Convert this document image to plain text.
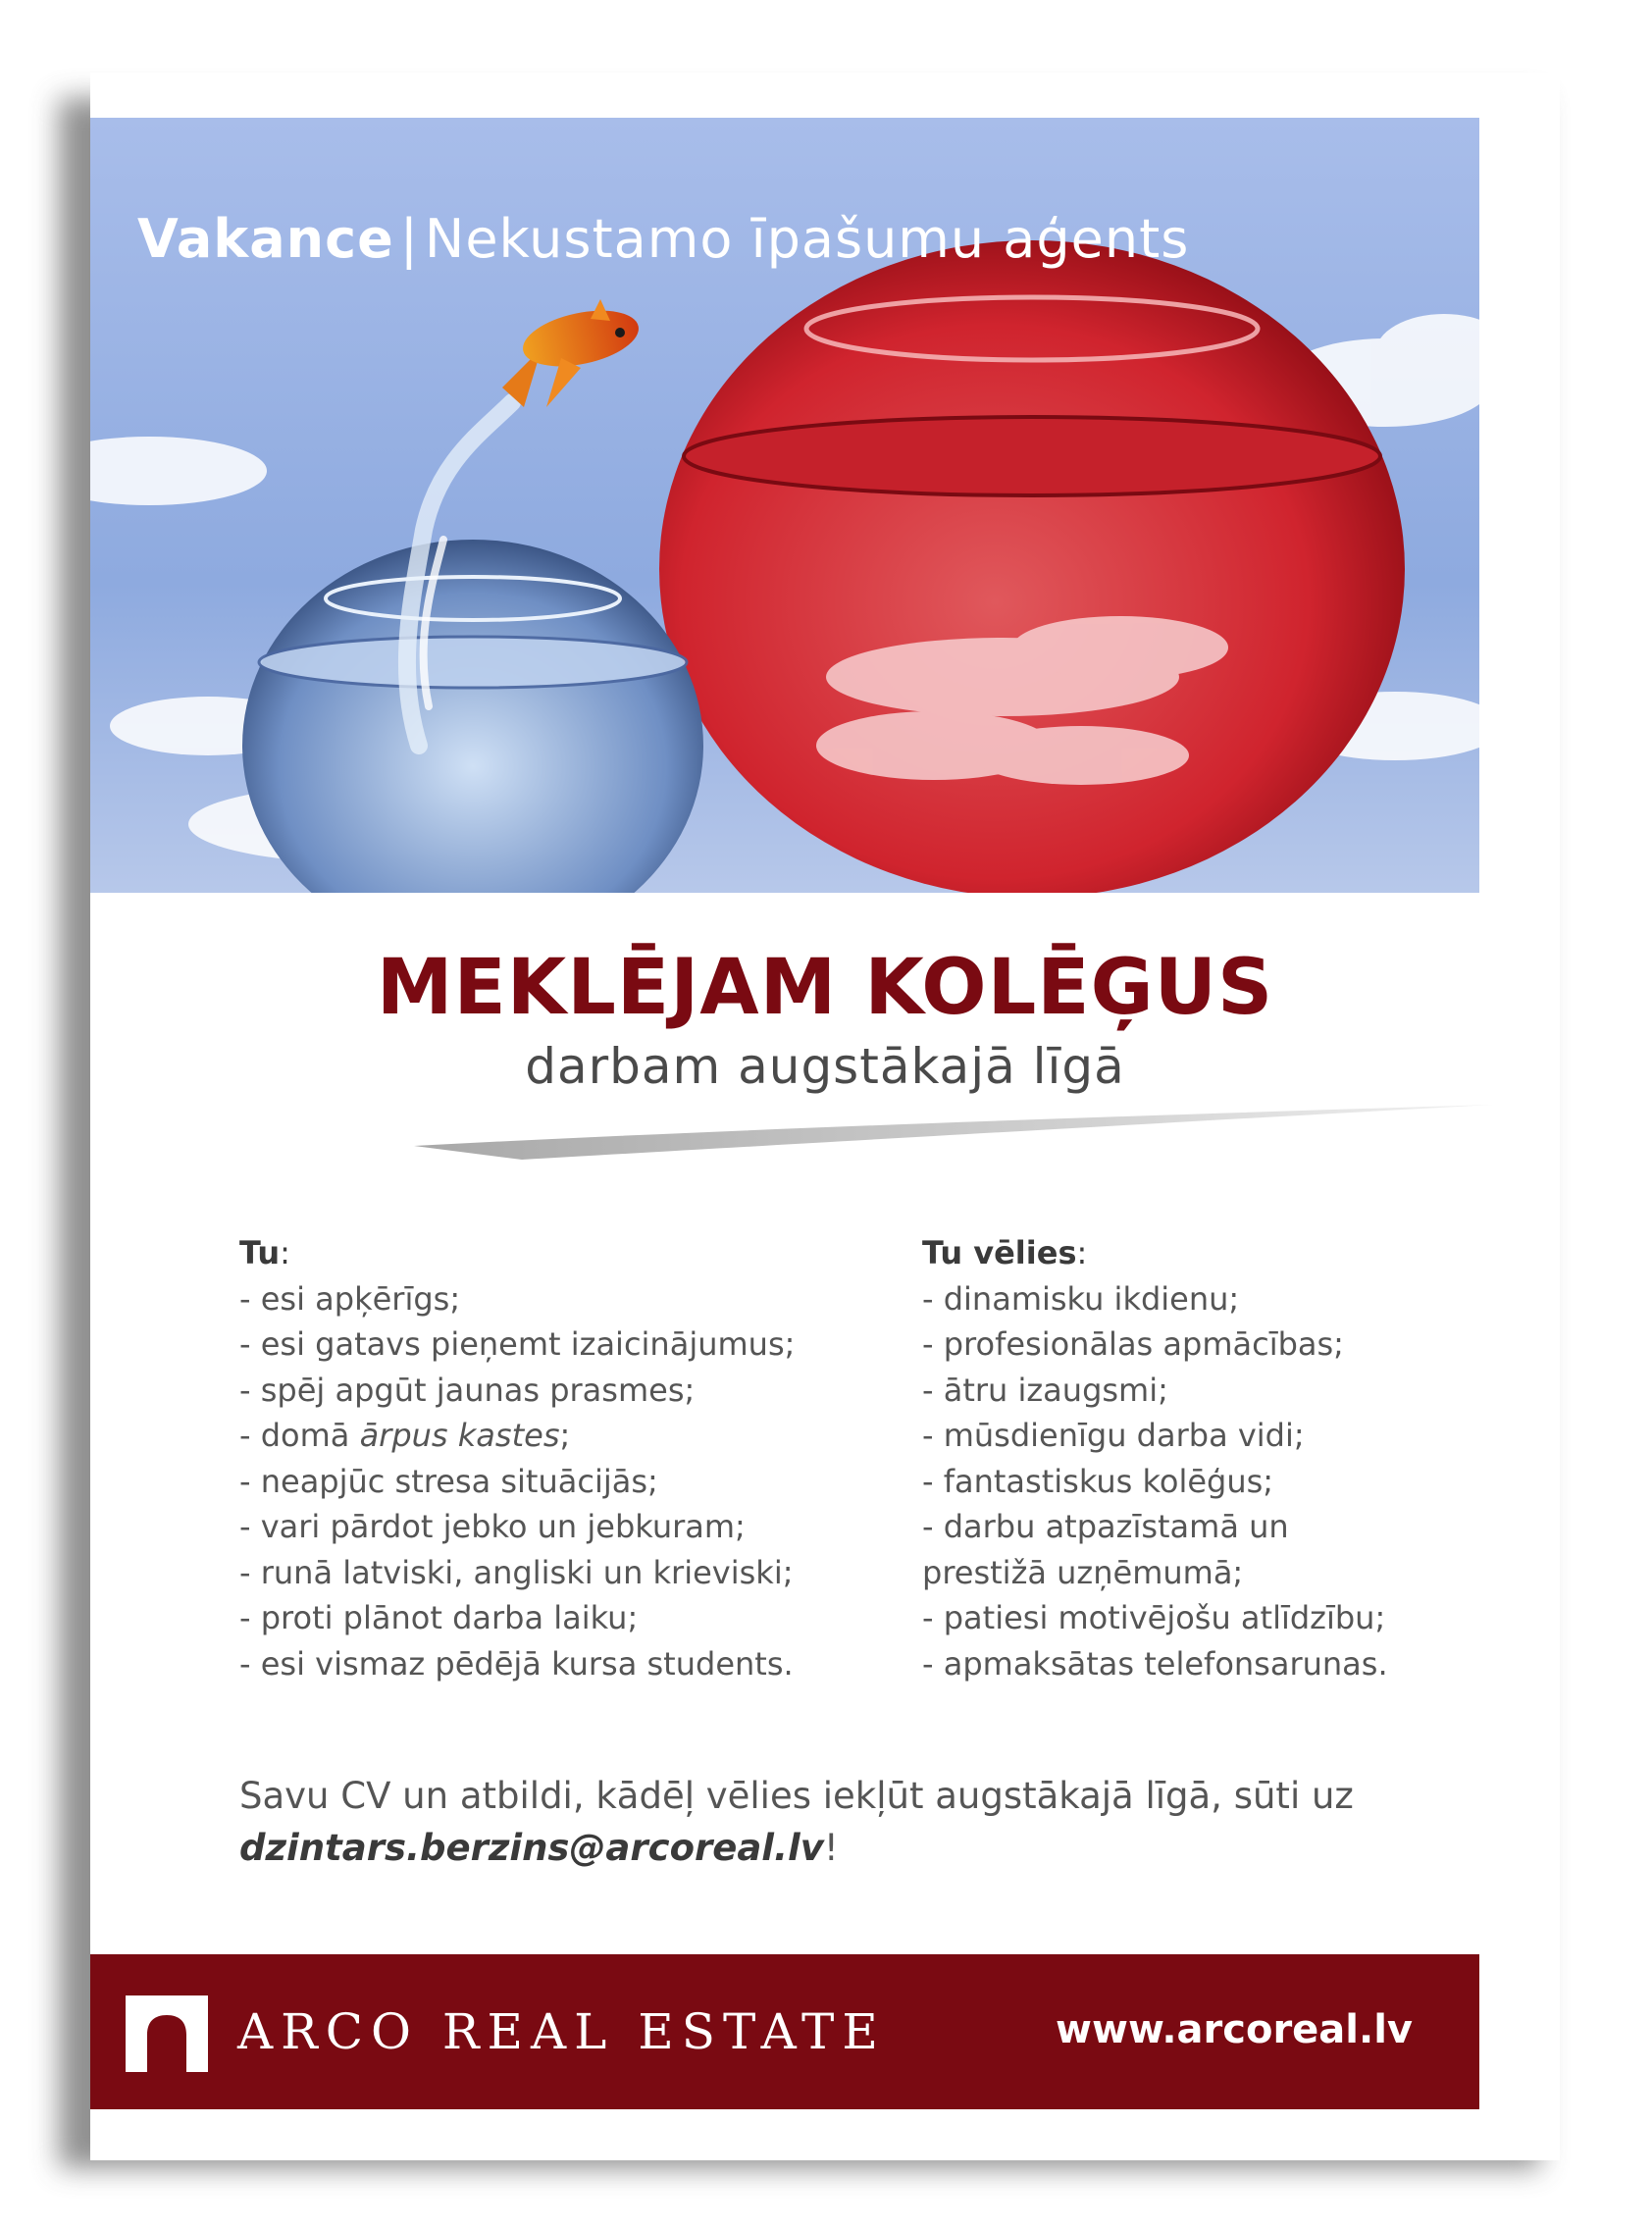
Vakance | Nekustamo īpašumu aģents
MEKLĒJAM KOLĒĢUS
darbam augstākajā līgā
Tu:
- esi apķērīgs;
- esi gatavs pieņemt izaicinājumus;
- spēj apgūt jaunas prasmes;
- domā ārpus kastes;
- neapjūc stresa situācijās;
- vari pārdot jebko un jebkuram;
- runā latviski, angliski un krieviski;
- proti plānot darba laiku;
- esi vismaz pēdējā kursa students.
Tu vēlies:
- dinamisku ikdienu;
- profesionālas apmācības;
- ātru izaugsmi;
- mūsdienīgu darba vidi;
- fantastiskus kolēģus;
- darbu atpazīstamā un
prestižā uzņēmumā;
- patiesi motivējošu atlīdzību;
- apmaksātas telefonsarunas.
Savu CV un atbildi, kādēļ vēlies iekļūt augstākajā līgā, sūti uz
dzintars.berzins@arcoreal.lv!
ARCO REAL ESTATE	www.arcoreal.lv
